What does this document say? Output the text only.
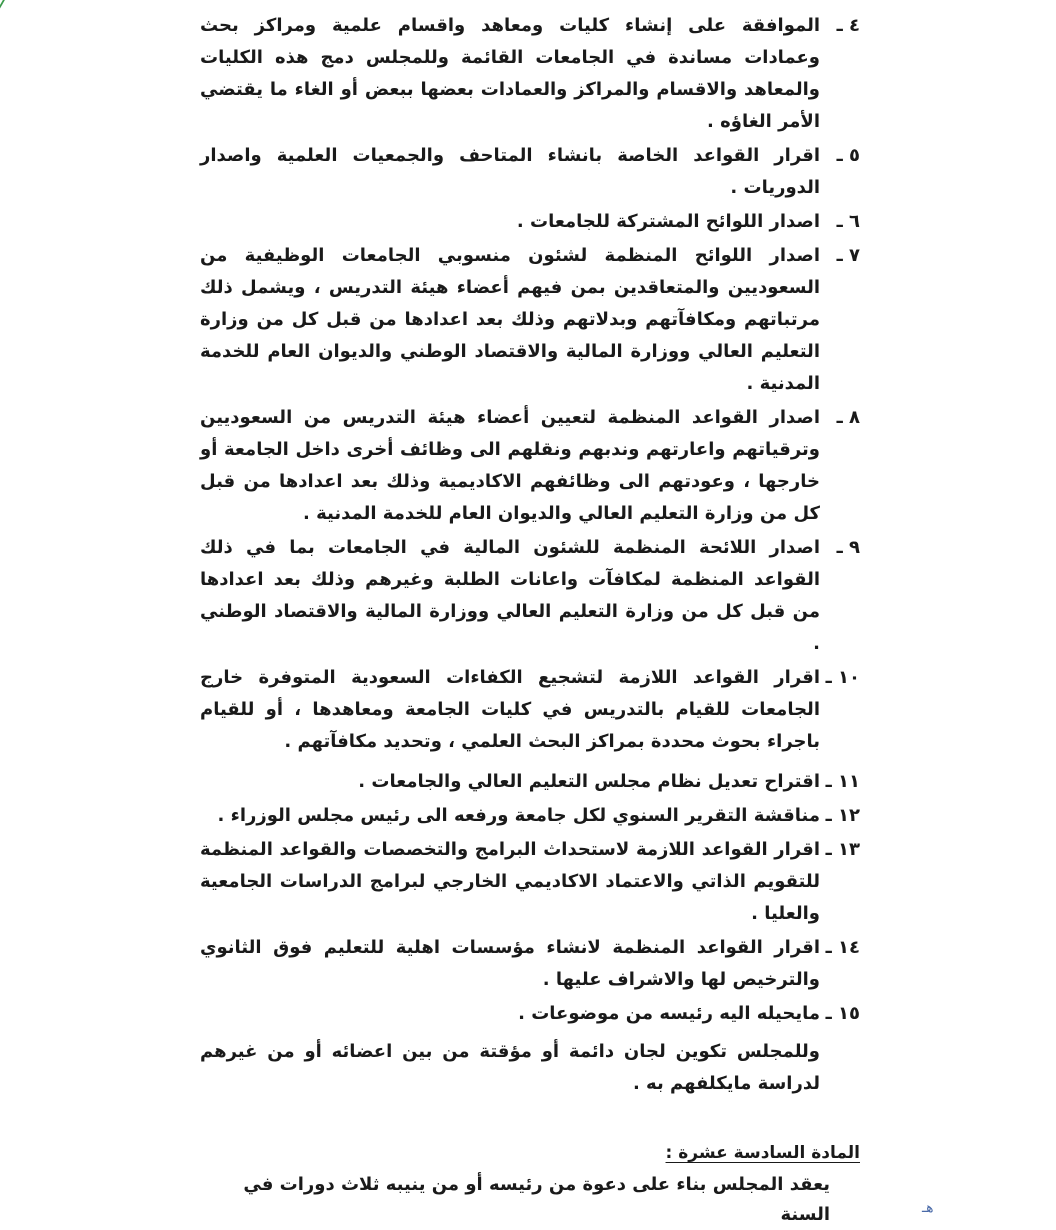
٤ ـ
الموافقة على إنشاء كليات ومعاهد واقسام علمية ومراكز بحث وعمادات مساندة في الجامعات القائمة وللمجلس دمج هذه الكليات والمعاهد والاقسام والمراكز والعمادات بعضها ببعض أو الغاء ما يقتضي الأمر الغاؤه .

٥ ـ
اقرار القواعد الخاصة بانشاء المتاحف والجمعيات العلمية واصدار الدوريات .

٦ ـ
اصدار اللوائح المشتركة للجامعات .

٧ ـ
اصدار اللوائح المنظمة لشئون منسوبي الجامعات الوظيفية من السعوديين والمتعاقدين بمن فيهم أعضاء هيئة التدريس ، ويشمل ذلك مرتباتهم ومكافآتهم وبدلاتهم وذلك بعد اعدادها من قبل كل من وزارة التعليم العالي ووزارة المالية والاقتصاد الوطني والديوان العام للخدمة المدنية .

٨ ـ
اصدار القواعد المنظمة لتعيين أعضاء هيئة التدريس من السعوديين وترقياتهم واعارتهم وندبهم ونقلهم الى وظائف أخرى داخل الجامعة أو خارجها ، وعودتهم الى وظائفهم الاكاديمية وذلك بعد اعدادها من قبل كل من وزارة التعليم العالي والديوان العام للخدمة المدنية .

٩ ـ
اصدار اللائحة المنظمة للشئون المالية في الجامعات بما في ذلك القواعد المنظمة لمكافآت واعانات الطلبة وغيرهم وذلك بعد اعدادها من قبل كل من وزارة التعليم العالي ووزارة المالية والاقتصاد الوطني .

١٠ ـ
اقرار القواعد اللازمة لتشجيع الكفاءات السعودية المتوفرة خارج الجامعات للقيام بالتدريس في كليات الجامعة ومعاهدها ، أو للقيام باجراء بحوث محددة بمراكز البحث العلمي ، وتحديد مكافآتهم .

١١ ـ
اقتراح تعديل نظام مجلس التعليم العالي والجامعات .

١٢ ـ
مناقشة التقرير السنوي لكل جامعة ورفعه الى رئيس مجلس الوزراء .

١٣ ـ
اقرار القواعد اللازمة لاستحداث البرامج والتخصصات والقواعد المنظمة للتقويم الذاتي والاعتماد الاكاديمي الخارجي لبرامج الدراسات الجامعية والعليا .

١٤ ـ
اقرار القواعد المنظمة لانشاء مؤسسات اهلية للتعليم فوق الثانوي والترخيص لها والاشراف عليها .

١٥ ـ
مايحيله اليه رئيسه من موضوعات .

وللمجلس تكوين لجان دائمة أو مؤقتة من بين اعضائه أو من غيرهم لدراسة مايكلفهم به .

المادة السادسة عشرة :
يعقد المجلس بناء على دعوة من رئيسه أو من ينيبه ثلاث دورات في السنة	هـ
